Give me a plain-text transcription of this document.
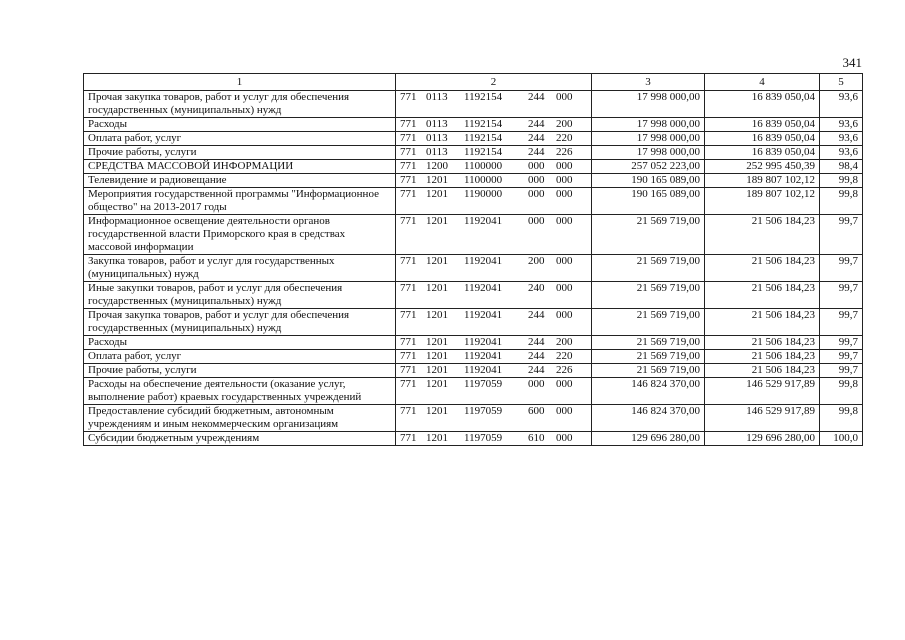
341
1	2	3	4	5
Прочая закупка товаров, работ и услуг для обеспечения государственных (муниципальных) нужд	771 0113 1192154 244 000	17 998 000,00	16 839 050,04	93,6
Расходы	771 0113 1192154 244 200	17 998 000,00	16 839 050,04	93,6
Оплата работ, услуг	771 0113 1192154 244 220	17 998 000,00	16 839 050,04	93,6
Прочие работы, услуги	771 0113 1192154 244 226	17 998 000,00	16 839 050,04	93,6
СРЕДСТВА МАССОВОЙ ИНФОРМАЦИИ	771 1200 1100000 000 000	257 052 223,00	252 995 450,39	98,4
Телевидение и радиовещание	771 1201 1100000 000 000	190 165 089,00	189 807 102,12	99,8
Мероприятия государственной программы "Информационное общество" на 2013-2017 годы	771 1201 1190000 000 000	190 165 089,00	189 807 102,12	99,8
Информационное освещение деятельности органов государственной власти Приморского края в средствах массовой информации	771 1201 1192041 000 000	21 569 719,00	21 506 184,23	99,7
Закупка товаров, работ и услуг для государственных (муниципальных) нужд	771 1201 1192041 200 000	21 569 719,00	21 506 184,23	99,7
Иные закупки товаров, работ и услуг для обеспечения государственных (муниципальных) нужд	771 1201 1192041 240 000	21 569 719,00	21 506 184,23	99,7
Прочая закупка товаров, работ и услуг для обеспечения государственных (муниципальных) нужд	771 1201 1192041 244 000	21 569 719,00	21 506 184,23	99,7
Расходы	771 1201 1192041 244 200	21 569 719,00	21 506 184,23	99,7
Оплата работ, услуг	771 1201 1192041 244 220	21 569 719,00	21 506 184,23	99,7
Прочие работы, услуги	771 1201 1192041 244 226	21 569 719,00	21 506 184,23	99,7
Расходы на обеспечение деятельности (оказание услуг, выполнение работ) краевых государственных учреждений	771 1201 1197059 000 000	146 824 370,00	146 529 917,89	99,8
Предоставление субсидий бюджетным, автономным учреждениям и иным некоммерческим организациям	771 1201 1197059 600 000	146 824 370,00	146 529 917,89	99,8
Субсидии бюджетным учреждениям	771 1201 1197059 610 000	129 696 280,00	129 696 280,00	100,0
